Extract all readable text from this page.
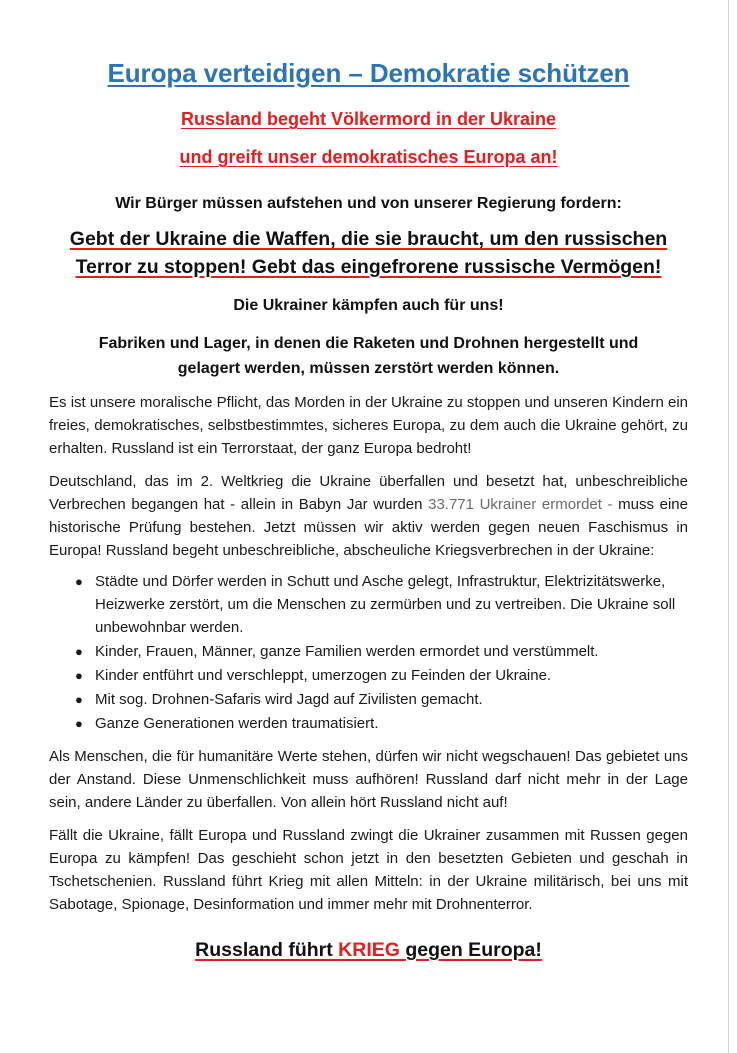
Europa verteidigen – Demokratie schützen

Russland begeht Völkermord in der Ukraine

und greift unser demokratisches Europa an!

Wir Bürger müssen aufstehen und von unserer Regierung fordern:

Gebt der Ukraine die Waffen, die sie braucht, um den russischen
Terror zu stoppen! Gebt das eingefrorene russische Vermögen!

Die Ukrainer kämpfen auch für uns!

Fabriken und Lager, in denen die Raketen und Drohnen hergestellt und
gelagert werden, müssen zerstört werden können.

Es ist unsere moralische Pflicht, das Morden in der Ukraine zu stoppen und unseren Kindern ein freies, demokratisches, selbstbestimmtes, sicheres Europa, zu dem auch die Ukraine gehört, zu erhalten. Russland ist ein Terrorstaat, der ganz Europa bedroht!

Deutschland, das im 2. Weltkrieg die Ukraine überfallen und besetzt hat, unbeschreibliche Verbrechen begangen hat - allein in Babyn Jar wurden 33.771 Ukrainer ermordet - muss eine historische Prüfung bestehen. Jetzt müssen wir aktiv werden gegen neuen Faschismus in Europa! Russland begeht unbeschreibliche, abscheuliche Kriegsverbrechen in der Ukraine:

● Städte und Dörfer werden in Schutt und Asche gelegt, Infrastruktur, Elektrizitätswerke, Heizwerke zerstört, um die Menschen zu zermürben und zu vertreiben. Die Ukraine soll unbewohnbar werden.
● Kinder, Frauen, Männer, ganze Familien werden ermordet und verstümmelt.
● Kinder entführt und verschleppt, umerzogen zu Feinden der Ukraine.
● Mit sog. Drohnen-Safaris wird Jagd auf Zivilisten gemacht.
● Ganze Generationen werden traumatisiert.

Als Menschen, die für humanitäre Werte stehen, dürfen wir nicht wegschauen! Das gebietet uns der Anstand. Diese Unmenschlichkeit muss aufhören! Russland darf nicht mehr in der Lage sein, andere Länder zu überfallen. Von allein hört Russland nicht auf!

Fällt die Ukraine, fällt Europa und Russland zwingt die Ukrainer zusammen mit Russen gegen Europa zu kämpfen! Das geschieht schon jetzt in den besetzten Gebieten und geschah in Tschetschenien. Russland führt Krieg mit allen Mitteln: in der Ukraine militärisch, bei uns mit Sabotage, Spionage, Desinformation und immer mehr mit Drohnenterror.

Russland führt KRIEG gegen Europa!
